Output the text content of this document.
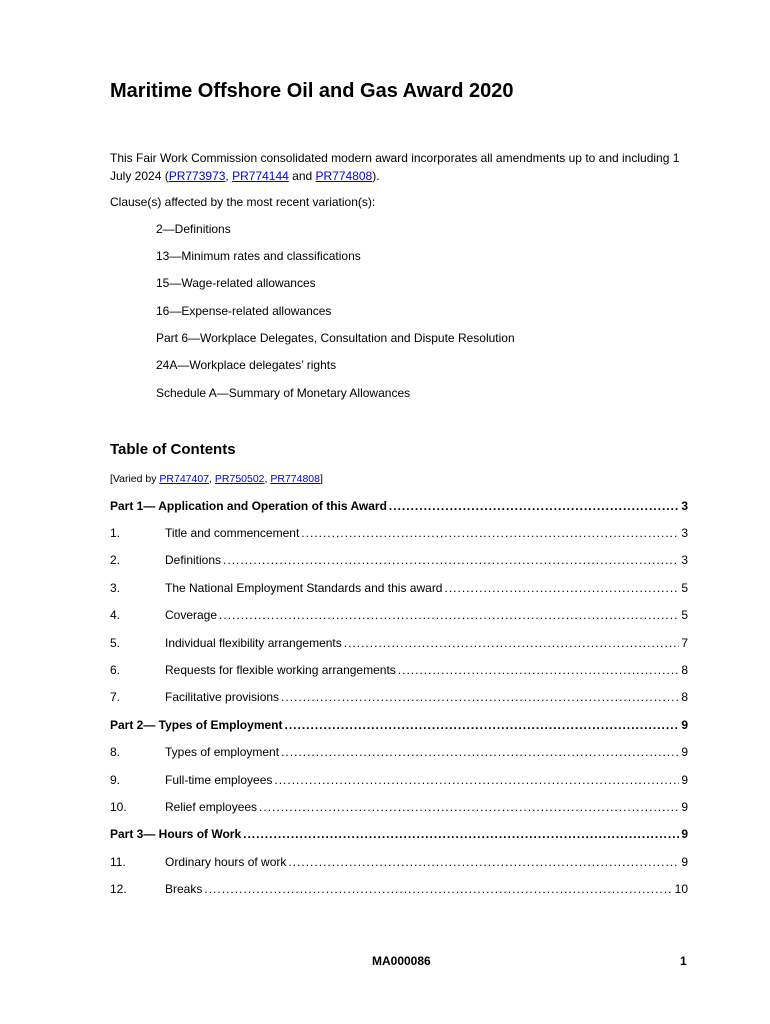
Maritime Offshore Oil and Gas Award 2020

This Fair Work Commission consolidated modern award incorporates all amendments up to and including 1 July 2024 (PR773973, PR774144 and PR774808).

Clause(s) affected by the most recent variation(s):
2—Definitions
13—Minimum rates and classifications
15—Wage-related allowances
16—Expense-related allowances
Part 6—Workplace Delegates, Consultation and Dispute Resolution
24A—Workplace delegates’ rights
Schedule A—Summary of Monetary Allowances
Table of Contents
[Varied by PR747407, PR750502, PR774808]
Part 1— Application and Operation of this Award .....	3
1.	Title and commencement .....	3
2.	Definitions .....	3
3.	The National Employment Standards and this award .....	5
4.	Coverage .....	5
5.	Individual flexibility arrangements .....	7
6.	Requests for flexible working arrangements .....	8
7.	Facilitative provisions .....	8
Part 2— Types of Employment .....	9
8.	Types of employment .....	9
9.	Full-time employees .....	9
10.	Relief employees .....	9
Part 3— Hours of Work .....	9
11.	Ordinary hours of work .....	9
12.	Breaks .....	10
MA000086	1
